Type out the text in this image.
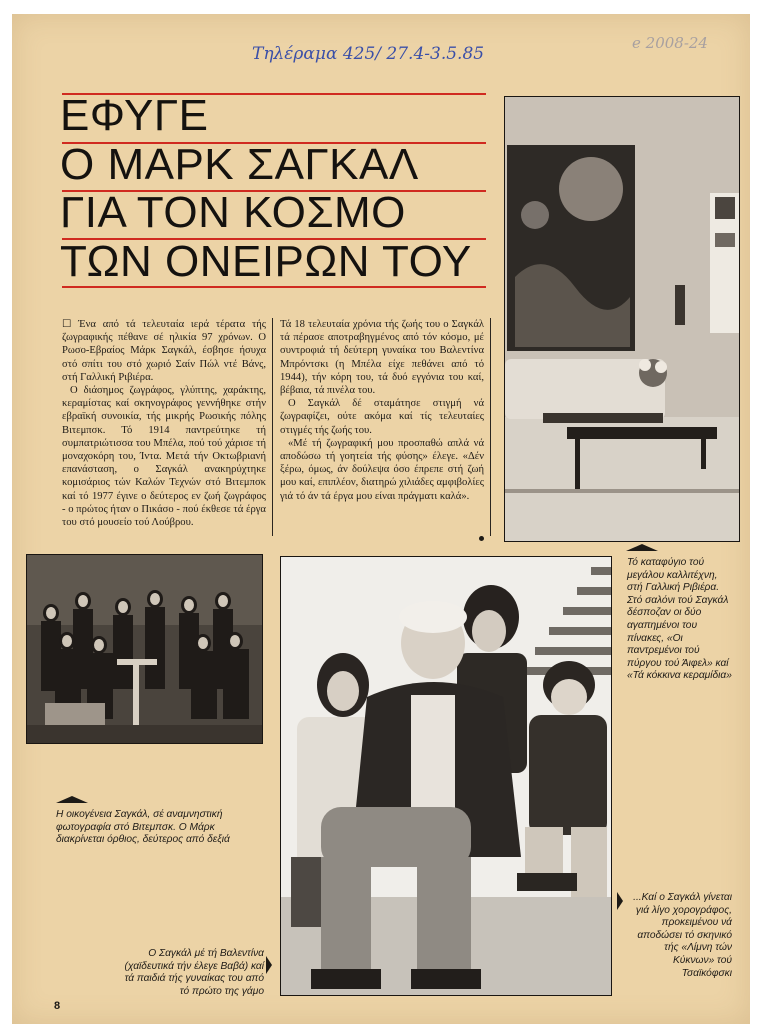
Τηλέραμα 425/ 27.4-3.5.85
e 2008-24
ΕΦΥΓΕ
Ο ΜΑΡΚ ΣΑΓΚΑΛ
ΓΙΑ ΤΟΝ ΚΟΣΜΟ
ΤΩΝ ΟΝΕΙΡΩΝ ΤΟΥ

☐ Ένα από τά τελευταία ιερά τέρατα τής ζωγραφικής πέθανε σέ ηλικία 97 χρόνων. Ο Ρωσο-Εβραίος Μάρκ Σαγκάλ, έσβησε ήσυχα στό σπίτι του στό χωριό Σαίν Πώλ ντέ Βάνς, στή Γαλλική Ριβιέρα.

Ο διάσημος ζωγράφος, γλύπτης, χαράκτης, κεραμίστας καί σκηνογράφος γεννήθηκε στήν εβραϊκή συνοικία, τής μικρής Ρωσικής πόλης Βιτεμπσκ. Τό 1914 παντρεύτηκε τή συμπατριώτισσα του Μπέλα, πού τού χάρισε τή μοναχοκόρη του, Ίντα. Μετά τήν Οκτωβριανή επανάσταση, ο Σαγκάλ ανακηρύχτηκε κομισάριος τών Καλών Τεχνών στό Βιτεμπσκ καί τό 1977 έγινε ο δεύτερος εν ζωή ζωγράφος - ο πρώτος ήταν ο Πικάσο - πού έκθεσε τά έργα του στό μουσείο τού Λούβρου.

Τά 18 τελευταία χρόνια τής ζωής του ο Σαγκάλ τά πέρασε αποτραβηγμένος από τόν κόσμο, μέ συντροφιά τή δεύτερη γυναίκα του Βαλεντίνα Μπρόντσκι (η Μπέλα είχε πεθάνει από τό 1944), τήν κόρη του, τά δυό εγγόνια του καί, βέβαια, τά πινέλα του.

Ο Σαγκάλ δέ σταμάτησε στιγμή νά ζωγραφίζει, ούτε ακόμα καί τίς τελευταίες στιγμές τής ζωής του.

«Μέ τή ζωγραφική μου προσπαθώ απλά νά αποδώσω τή γοητεία τής φύσης» έλεγε. «Δέν ξέρω, όμως, άν δούλεψα όσο έπρεπε στή ζωή μου καί, επιπλέον, διατηρώ χιλιάδες αμφιβολίες γιά τό άν τά έργα μου είναι πράγματι καλά».

Τό καταφύγιο τού μεγάλου καλλιτέχνη, στή Γαλλική Ριβιέρα. Στό σαλόνι τού Σαγκάλ δέσποζαν οι δύο αγαπημένοι του πίνακες, «Οι παντρεμένοι τού πύργου τού Άιφελ» καί «Τά κόκκινα κεραμίδια»
Η οικογένεια Σαγκάλ, σέ αναμνηστική φωτογραφία στό Βιτεμπσκ. Ο Μάρκ διακρίνεται όρθιος, δεύτερος από δεξιά
Ο Σαγκάλ μέ τή Βαλεντίνα (χαϊδευτικά τήν έλεγε Βαβά) καί τά παιδιά τής γυναίκας του από τό πρώτο της γάμο
...Καί ο Σαγκάλ γίνεται γιά λίγο χορογράφος, προκειμένου νά αποδώσει τό σκηνικό τής «Λίμνη τών Κύκνων» τού Τσαϊκόφσκι
8
